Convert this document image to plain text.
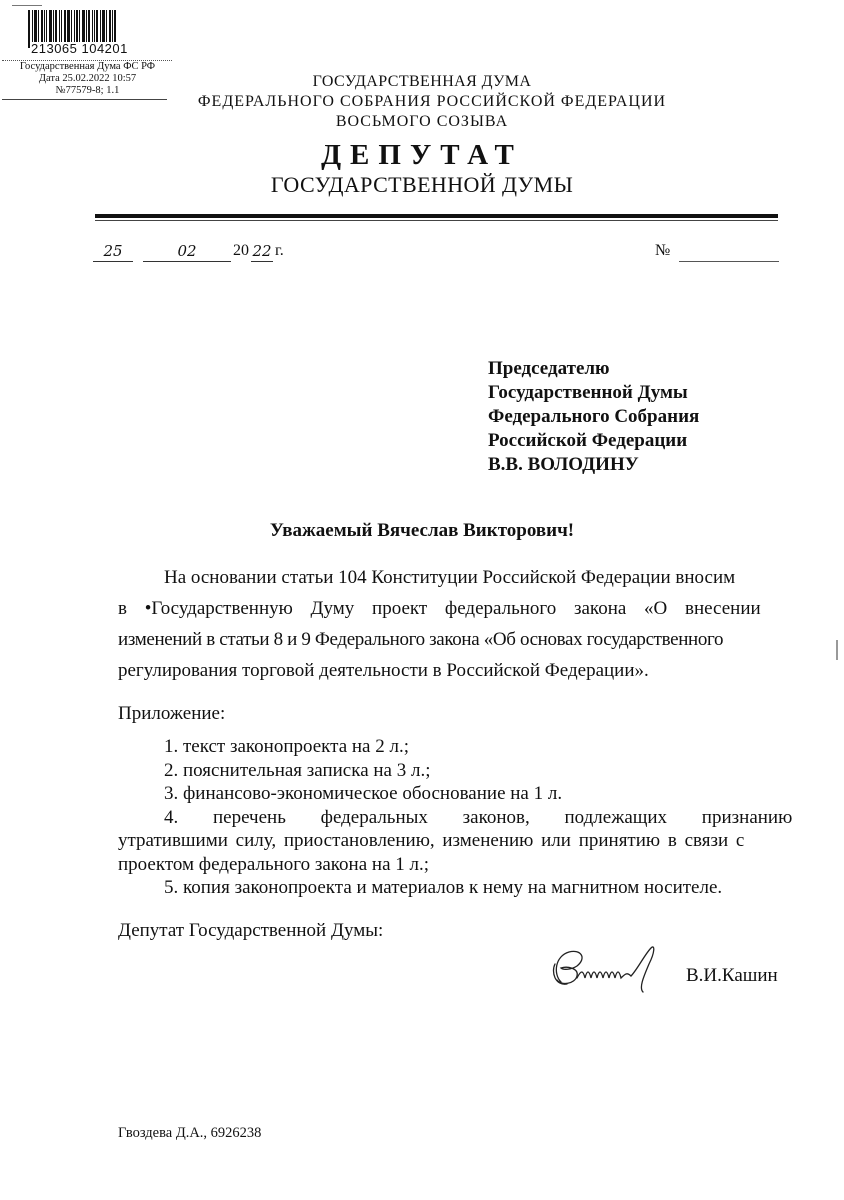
213065 104201
Государственная Дума ФС РФ
Дата 25.02.2022 10:57
№77579-8; 1.1
ГОСУДАРСТВЕННАЯ ДУМА
ФЕДЕРАЛЬНОГО СОБРАНИЯ РОССИЙСКОЙ ФЕДЕРАЦИИ
ВОСЬМОГО СОЗЫВА
ДЕПУТАТ
ГОСУДАРСТВЕННОЙ ДУМЫ
25	02	20 22 г.	№
Председателю
Государственной Думы
Федерального Собрания
Российской Федерации
В.В. ВОЛОДИНУ
Уважаемый Вячеслав Викторович!
На основании статьи 104 Конституции Российской Федерации вносим
в •Государственную Думу проект федерального закона «О внесении
изменений в статьи 8 и 9 Федерального закона «Об основах государственного
регулирования торговой деятельности в Российской Федерации».
Приложение:
1. текст законопроекта на 2 л.;
2. пояснительная записка на 3 л.;
3. финансово-экономическое обоснование на 1 л.
4. перечень федеральных законов, подлежащих признанию
утратившими силу, приостановлению, изменению или принятию в связи с
проектом федерального закона на 1 л.;
5. копия законопроекта и материалов к нему на магнитном носителе.
Депутат Государственной Думы:
В.И.Кашин
Гвоздева Д.А., 6926238
